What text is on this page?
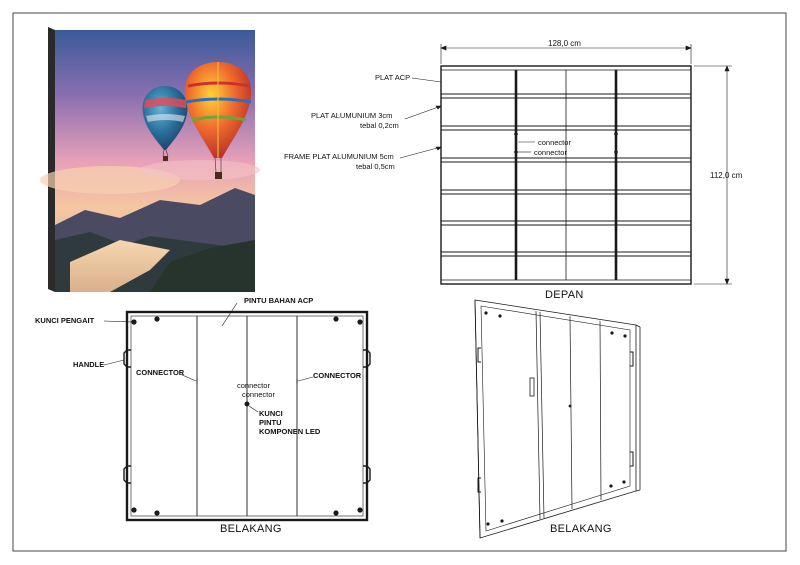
128,0 cm
112,0 cm
PLAT ACP
PLAT ALUMUNIUM 3cm
tebal 0,2cm
FRAME PLAT ALUMUNIUM 5cm
tebal 0,5cm
connector
connector
DEPAN
PINTU BAHAN ACP
KUNCI PENGAIT
HANDLE
CONNECTOR	CONNECTOR
connector
connector
KUNCI
PINTU
KOMPONEN LED
BELAKANG	BELAKANG
